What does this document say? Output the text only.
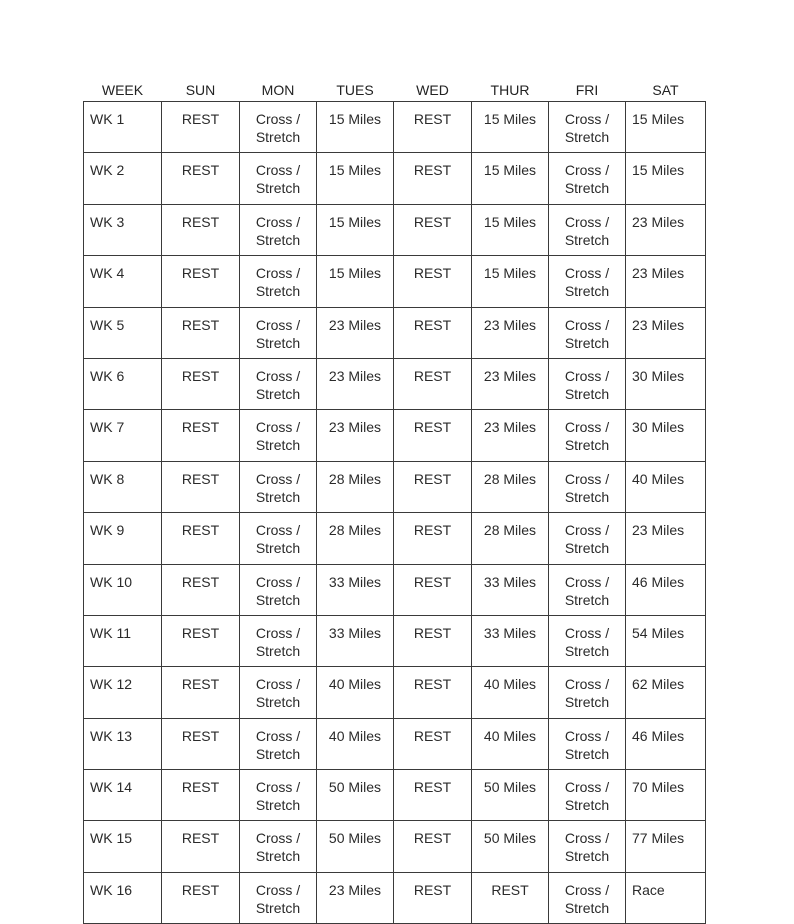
WEEK	SUN	MON	TUES	WED	THUR	FRI	SAT
WK 1	REST	Cross /
Stretch	15 Miles	REST	15 Miles	Cross /
Stretch	15 Miles
WK 2	REST	Cross /
Stretch	15 Miles	REST	15 Miles	Cross /
Stretch	15 Miles
WK 3	REST	Cross /
Stretch	15 Miles	REST	15 Miles	Cross /
Stretch	23 Miles
WK 4	REST	Cross /
Stretch	15 Miles	REST	15 Miles	Cross /
Stretch	23 Miles
WK 5	REST	Cross /
Stretch	23 Miles	REST	23 Miles	Cross /
Stretch	23 Miles
WK 6	REST	Cross /
Stretch	23 Miles	REST	23 Miles	Cross /
Stretch	30 Miles
WK 7	REST	Cross /
Stretch	23 Miles	REST	23 Miles	Cross /
Stretch	30 Miles
WK 8	REST	Cross /
Stretch	28 Miles	REST	28 Miles	Cross /
Stretch	40 Miles
WK 9	REST	Cross /
Stretch	28 Miles	REST	28 Miles	Cross /
Stretch	23 Miles
WK 10	REST	Cross /
Stretch	33 Miles	REST	33 Miles	Cross /
Stretch	46 Miles
WK 11	REST	Cross /
Stretch	33 Miles	REST	33 Miles	Cross /
Stretch	54 Miles
WK 12	REST	Cross /
Stretch	40 Miles	REST	40 Miles	Cross /
Stretch	62 Miles
WK 13	REST	Cross /
Stretch	40 Miles	REST	40 Miles	Cross /
Stretch	46 Miles
WK 14	REST	Cross /
Stretch	50 Miles	REST	50 Miles	Cross /
Stretch	70 Miles
WK 15	REST	Cross /
Stretch	50 Miles	REST	50 Miles	Cross /
Stretch	77 Miles
WK 16	REST	Cross /
Stretch	23 Miles	REST	REST	Cross /
Stretch	Race
